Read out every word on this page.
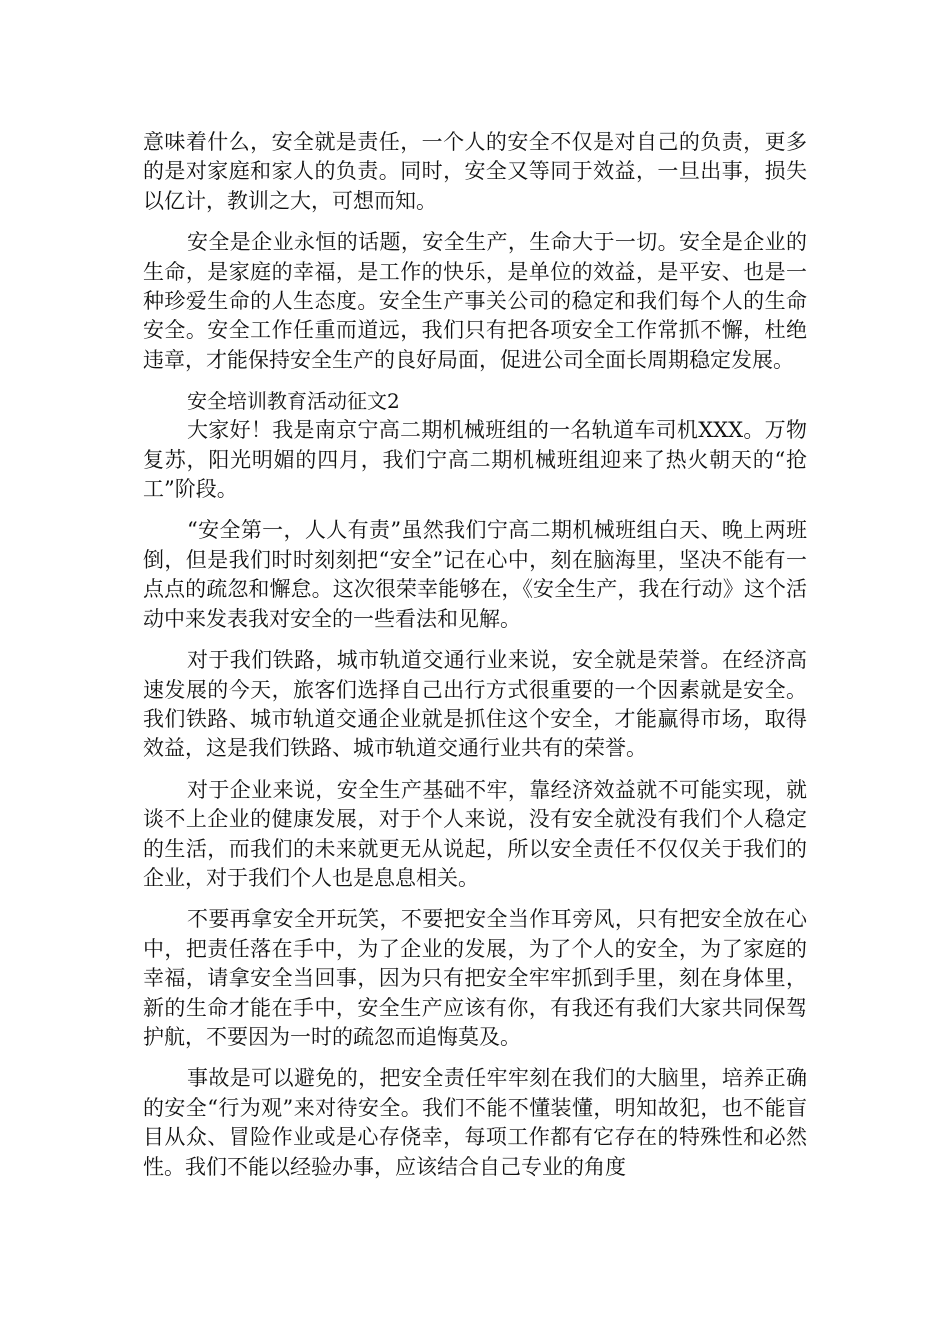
意味着什么，安全就是责任，一个人的安全不仅是对自己的负责，更多的是对家庭和家人的负责。同时，安全又等同于效益，一旦出事，损失以亿计，教训之大，可想而知。

安全是企业永恒的话题，安全生产，生命大于一切。安全是企业的生命，是家庭的幸福，是工作的快乐，是单位的效益，是平安、也是一种珍爱生命的人生态度。安全生产事关公司的稳定和我们每个人的生命安全。安全工作任重而道远，我们只有把各项安全工作常抓不懈，杜绝违章，才能保持安全生产的良好局面，促进公司全面长周期稳定发展。

安全培训教育活动征文2

大家好！我是南京宁高二期机械班组的一名轨道车司机XXX。万物复苏，阳光明媚的四月，我们宁高二期机械班组迎来了热火朝天的“抢工”阶段。

“安全第一，人人有责”虽然我们宁高二期机械班组白天、晚上两班倒，但是我们时时刻刻把“安全”记在心中，刻在脑海里，坚决不能有一点点的疏忽和懈怠。这次很荣幸能够在，《安全生产，我在行动》这个活动中来发表我对安全的一些看法和见解。

对于我们铁路，城市轨道交通行业来说，安全就是荣誉。在经济高速发展的今天，旅客们选择自己出行方式很重要的一个因素就是安全。我们铁路、城市轨道交通企业就是抓住这个安全，才能赢得市场，取得效益，这是我们铁路、城市轨道交通行业共有的荣誉。

对于企业来说，安全生产基础不牢，靠经济效益就不可能实现，就谈不上企业的健康发展，对于个人来说，没有安全就没有我们个人稳定的生活，而我们的未来就更无从说起，所以安全责任不仅仅关于我们的企业，对于我们个人也是息息相关。

不要再拿安全开玩笑，不要把安全当作耳旁风，只有把安全放在心中，把责任落在手中，为了企业的发展，为了个人的安全，为了家庭的幸福，请拿安全当回事，因为只有把安全牢牢抓到手里，刻在身体里，新的生命才能在手中，安全生产应该有你，有我还有我们大家共同保驾护航，不要因为一时的疏忽而追悔莫及。

事故是可以避免的，把安全责任牢牢刻在我们的大脑里，培养正确的安全“行为观”来对待安全。我们不能不懂装懂，明知故犯，也不能盲目从众、冒险作业或是心存侥幸，每项工作都有它存在的特殊性和必然性。我们不能以经验办事，应该结合自己专业的角度
